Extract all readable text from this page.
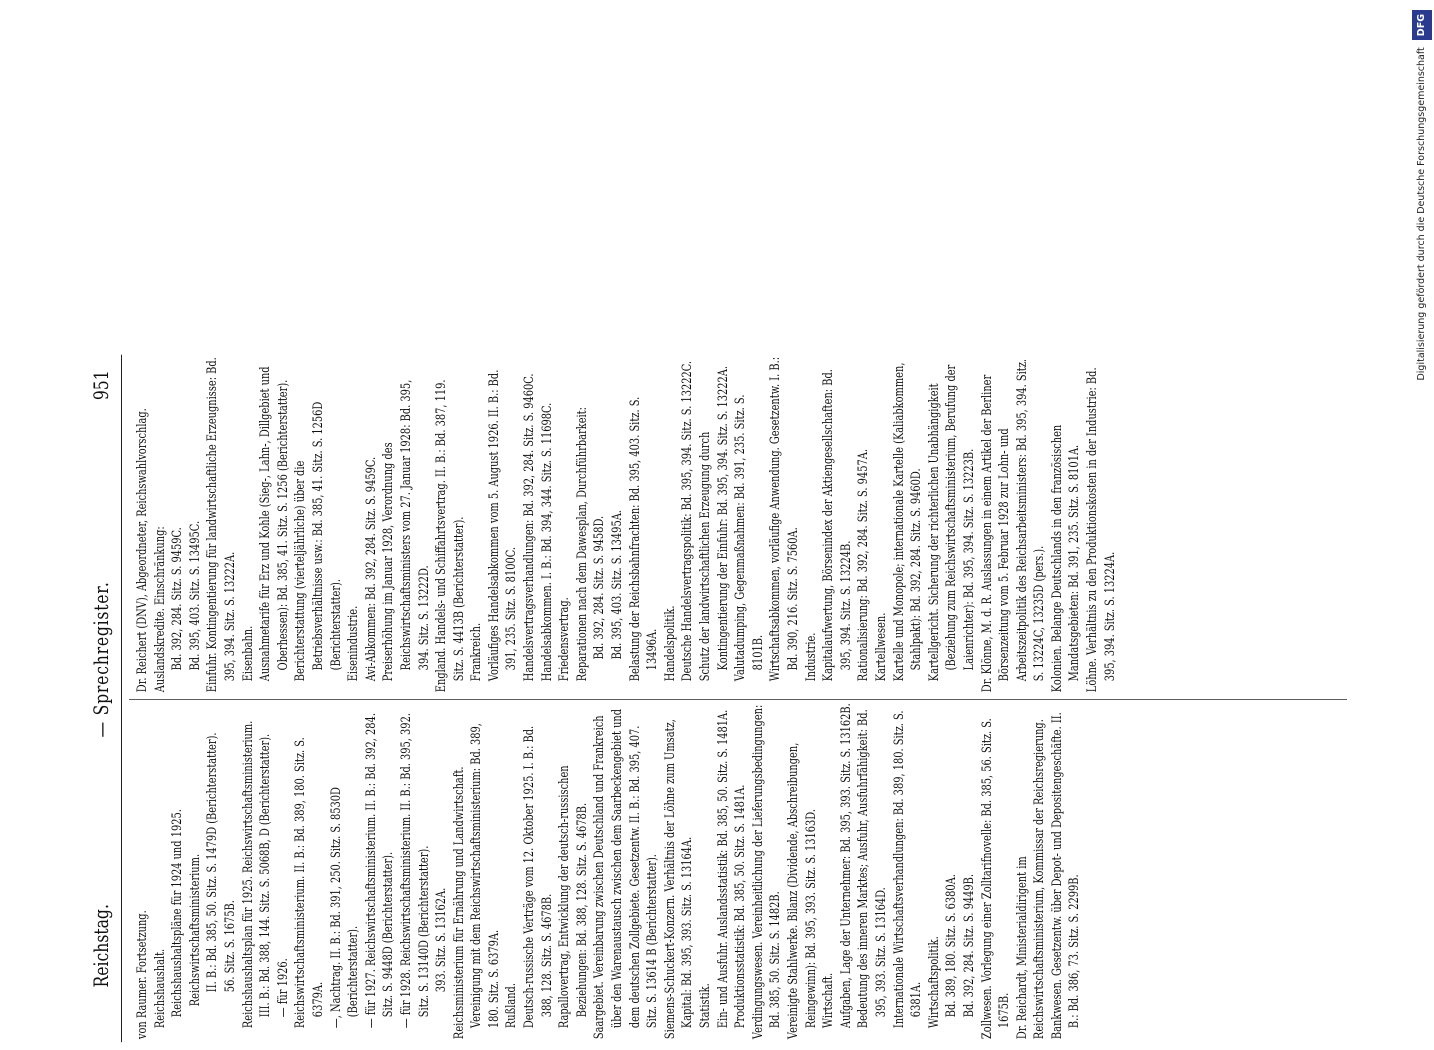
Reichstag.
— Sprechregister.
951

von Raumer. Fortsetzung. Reichshaushalt. Reichshaushaltspläne für 1924 und 1925. Reichswirtschaftsministerium. II. B.: Bd. 385, 50. Sitz. S. 1479D (Berichterstatter). 56. Sitz. S. 1675B. Reichshaushaltsplan für 1925. Reichswirtschaftsministerium. III. B.: Bd. 388, 144. Sitz. S. 5068B, D (Berichterstatter). — für 1926. Reichswirtschaftsministerium. II. B.: Bd. 389, 180. Sitz. S. 6379A. —, Nachtrag. II. B.: Bd. 391, 250. Sitz. S. 8530D (Berichterstatter). — für 1927. Reichswirtschaftsministerium. II. B.: Bd. 392, 284. Sitz. S. 9448D (Berichterstatter). — für 1928. Reichswirtschaftsministerium. II. B.: Bd. 395, 392. Sitz. S. 13140D (Berichterstatter). 393. Sitz. S. 13162A. Reichsministerium für Ernährung und Landwirtschaft. Vereinigung mit dem Reichswirtschaftsministerium: Bd. 389, 180. Sitz. S. 6379A. Rußland. Deutsch-russische Verträge vom 12. Oktober 1925. I. B.: Bd. 388, 128. Sitz. S. 4678B. Rapallovertrag, Entwicklung der deutsch-russischen Beziehungen: Bd. 388, 128. Sitz. S. 4678B. Saargebiet. Vereinbarung zwischen Deutschland und Frankreich über den Warenaustausch zwischen dem Saarbeckengebiet und dem deutschen Zollgebiete. Gesetzentw. II. B.: Bd. 395, 407. Sitz. S. 13614 B (Berichterstatter). Siemens-Schuckert-Konzern. Verhältnis der Löhne zum Umsatz, Kapital: Bd. 395, 393. Sitz. S. 13164A. Statistik. Ein- und Ausfuhr. Auslandsstatistik: Bd. 385, 50. Sitz. S. 1481A. Produktionsstatistik: Bd. 385, 50. Sitz. S. 1481A. Verdingungswesen. Vereinheitlichung der Lieferungsbedingungen: Bd. 385, 50. Sitz. S. 1482B. Vereinigte Stahlwerke. Bilanz (Dividende, Abschreibungen, Reingewinn): Bd. 395, 393. Sitz. S. 13163D. Wirtschaft. Aufgaben, Lage der Unternehmer: Bd. 395, 393. Sitz. S. 13162B. Bedeutung des inneren Marktes; Ausfuhr, Ausfuhrfähigkeit: Bd. 395, 393. Sitz. S. 13164D. Internationale Wirtschaftsverhandlungen: Bd. 389, 180. Sitz. S. 6381A. Wirtschaftspolitik. Bd. 389, 180. Sitz. S. 6380A. Bd. 392, 284. Sitz. S. 9449B. Zollwesen. Vorlegung einer Zolltarifnovelle: Bd. 385, 56. Sitz. S. 1675B. Dr. Reichardt, Ministerialdirigent im Reichswirtschaftsministerium, Kommissar der Reichsregierung. Bankwesen. Gesetzentw. über Depot- und Depositengeschäfte. II. B.: Bd. 386, 73. Sitz. S. 2299B.

Dr. Reichert (DNV), Abgeordneter, Reichswahlvorschlag. Auslandskredite. Einschränkung: Bd. 392, 284. Sitz. S. 9459C. Bd. 395, 403. Sitz. S. 13495C. Einfuhr. Kontingentierung für landwirtschaftliche Erzeugnisse: Bd. 395, 394. Sitz. S. 13222A. Eisenbahn. Ausnahmetarife für Erz und Kohle (Sieg-, Lahn-, Dillgebiet und Oberhessen): Bd. 385, 41. Sitz. S. 1256 (Berichterstatter). Berichterstattung (vierteljährliche) über die Betriebsverhältnisse usw.: Bd. 385, 41. Sitz. S. 1256D (Berichterstatter). Eisenindustrie. Avi-Abkommen: Bd. 392, 284. Sitz. S. 9459C. Preiserhöhung im Januar 1928, Verordnung des Reichswirtschaftsministers vom 27. Januar 1928: Bd. 395, 394. Sitz. S. 13222D. England. Handels- und Schiffahrtsvertrag. II. B.: Bd. 387, 119. Sitz. S. 4413B (Berichterstatter). Frankreich. Vorläufiges Handelsabkommen vom 5. August 1926. II. B.: Bd. 391, 235. Sitz. S. 8100C. Handelsvertragsverhandlungen: Bd. 392, 284. Sitz. S. 9460C. Handelsabkommen. I. B.: Bd. 394, 344. Sitz. S. 11698C. Friedensvertrag. Reparationen nach dem Dawesplan, Durchführbarkeit: Bd. 392, 284. Sitz. S. 9458D. Bd. 395, 403. Sitz. S. 13495A. Belastung der Reichsbahnfrachten: Bd. 395, 403. Sitz. S. 13496A. Handelspolitik. Deutsche Handelsvertragspolitik: Bd. 395, 394. Sitz. S. 13222C. Schutz der landwirtschaftlichen Erzeugung durch Kontingentierung der Einfuhr: Bd. 395, 394. Sitz. S. 13222A. Valutadumping, Gegenmaßnahmen: Bd. 391, 235. Sitz. S. 8101B. Wirtschaftsabkommen, vorläufige Anwendung. Gesetzentw. I. B.: Bd. 390, 216. Sitz. S. 7560A. Industrie. Kapitalaufwertung, Börsenindex der Aktiengesellschaften: Bd. 395, 394. Sitz. S. 13224B. Rationalisierung: Bd. 392, 284. Sitz. S. 9457A. Kartellwesen. Kartelle und Monopole; internationale Kartelle (Kaliabkommen, Stahlpakt): Bd. 392, 284. Sitz. S. 9460D. Kartellgericht. Sicherung der richterlichen Unabhängigkeit (Beziehung zum Reichswirtschaftsministerium, Berufung der Laienrichter): Bd. 395, 394. Sitz. S. 13223B. Dr. Klönne, M. d. R. Auslassungen in einem Artikel der Berliner Börsenzeitung vom 5. Februar 1928 zur Lohn- und Arbeitszeitpolitik des Reichsarbeitsministers: Bd. 395, 394. Sitz. S. 13224C, 13235D (pers.). Kolonien. Belange Deutschlands in den französischen Mandatsgebieten: Bd. 391, 235. Sitz. S. 8101A. Löhne. Verhältnis zu den Produktionskosten in der Industrie: Bd. 395, 394. Sitz. S. 13224A.

Digitalisierung gefördert durch die Deutsche Forschungsgemeinschaft DFG
